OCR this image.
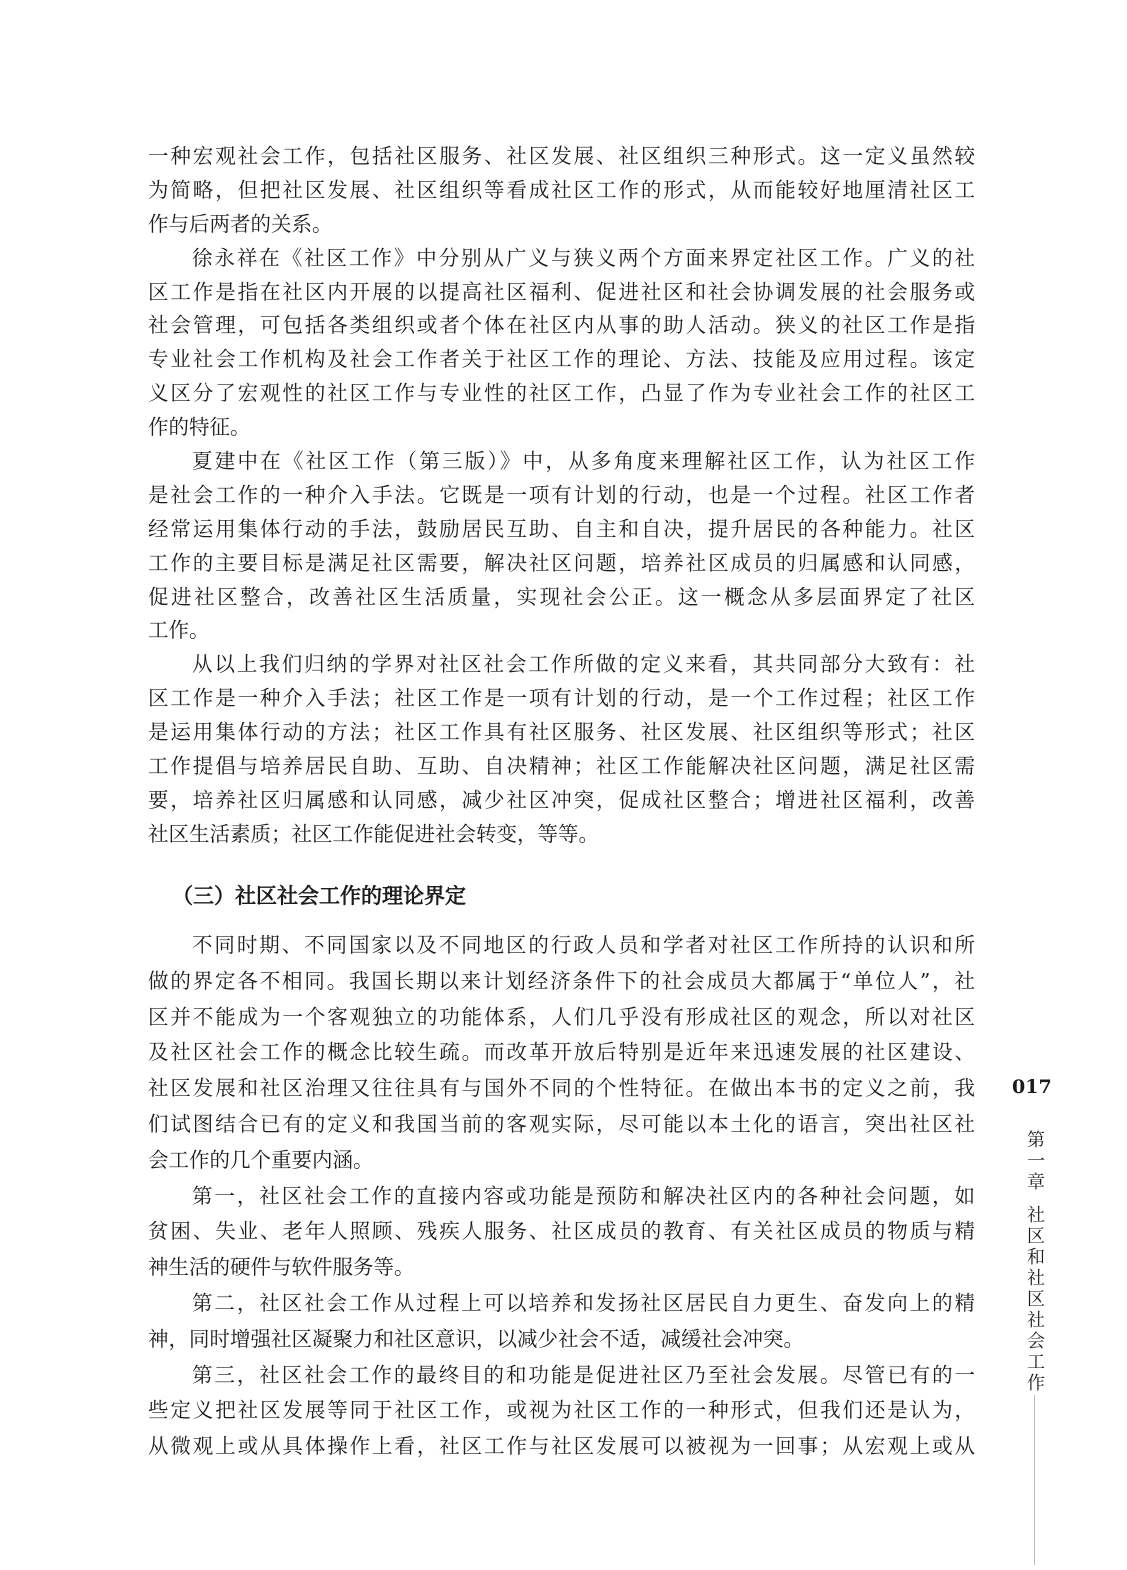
一种宏观社会工作，包括社区服务、社区发展、社区组织三种形式。这一定义虽然较
为简略，但把社区发展、社区组织等看成社区工作的形式，从而能较好地厘清社区工
作与后两者的关系。
徐永祥在《社区工作》中分别从广义与狭义两个方面来界定社区工作。广义的社
区工作是指在社区内开展的以提高社区福利、促进社区和社会协调发展的社会服务或
社会管理，可包括各类组织或者个体在社区内从事的助人活动。狭义的社区工作是指
专业社会工作机构及社会工作者关于社区工作的理论、方法、技能及应用过程。该定
义区分了宏观性的社区工作与专业性的社区工作，凸显了作为专业社会工作的社区工
作的特征。
夏建中在《社区工作（第三版）》中，从多角度来理解社区工作，认为社区工作
是社会工作的一种介入手法。它既是一项有计划的行动，也是一个过程。社区工作者
经常运用集体行动的手法，鼓励居民互助、自主和自决，提升居民的各种能力。社区
工作的主要目标是满足社区需要，解决社区问题，培养社区成员的归属感和认同感，
促进社区整合，改善社区生活质量，实现社会公正。这一概念从多层面界定了社区
工作。
从以上我们归纳的学界对社区社会工作所做的定义来看，其共同部分大致有：社
区工作是一种介入手法；社区工作是一项有计划的行动，是一个工作过程；社区工作
是运用集体行动的方法；社区工作具有社区服务、社区发展、社区组织等形式；社区
工作提倡与培养居民自助、互助、自决精神；社区工作能解决社区问题，满足社区需
要，培养社区归属感和认同感，减少社区冲突，促成社区整合；增进社区福利，改善
社区生活素质；社区工作能促进社会转变，等等。
（三）社区社会工作的理论界定
不同时期、不同国家以及不同地区的行政人员和学者对社区工作所持的认识和所
做的界定各不相同。我国长期以来计划经济条件下的社会成员大都属于“单位人”，社
区并不能成为一个客观独立的功能体系，人们几乎没有形成社区的观念，所以对社区
及社区社会工作的概念比较生疏。而改革开放后特别是近年来迅速发展的社区建设、
社区发展和社区治理又往往具有与国外不同的个性特征。在做出本书的定义之前，我
们试图结合已有的定义和我国当前的客观实际，尽可能以本土化的语言，突出社区社
会工作的几个重要内涵。
第一，社区社会工作的直接内容或功能是预防和解决社区内的各种社会问题，如
贫困、失业、老年人照顾、残疾人服务、社区成员的教育、有关社区成员的物质与精
神生活的硬件与软件服务等。
第二，社区社会工作从过程上可以培养和发扬社区居民自力更生、奋发向上的精
神，同时增强社区凝聚力和社区意识，以减少社会不适，减缓社会冲突。
第三，社区社会工作的最终目的和功能是促进社区乃至社会发展。尽管已有的一
些定义把社区发展等同于社区工作，或视为社区工作的一种形式，但我们还是认为，
从微观上或从具体操作上看，社区工作与社区发展可以被视为一回事；从宏观上或从
017
第一章
社区和社区社会工作
